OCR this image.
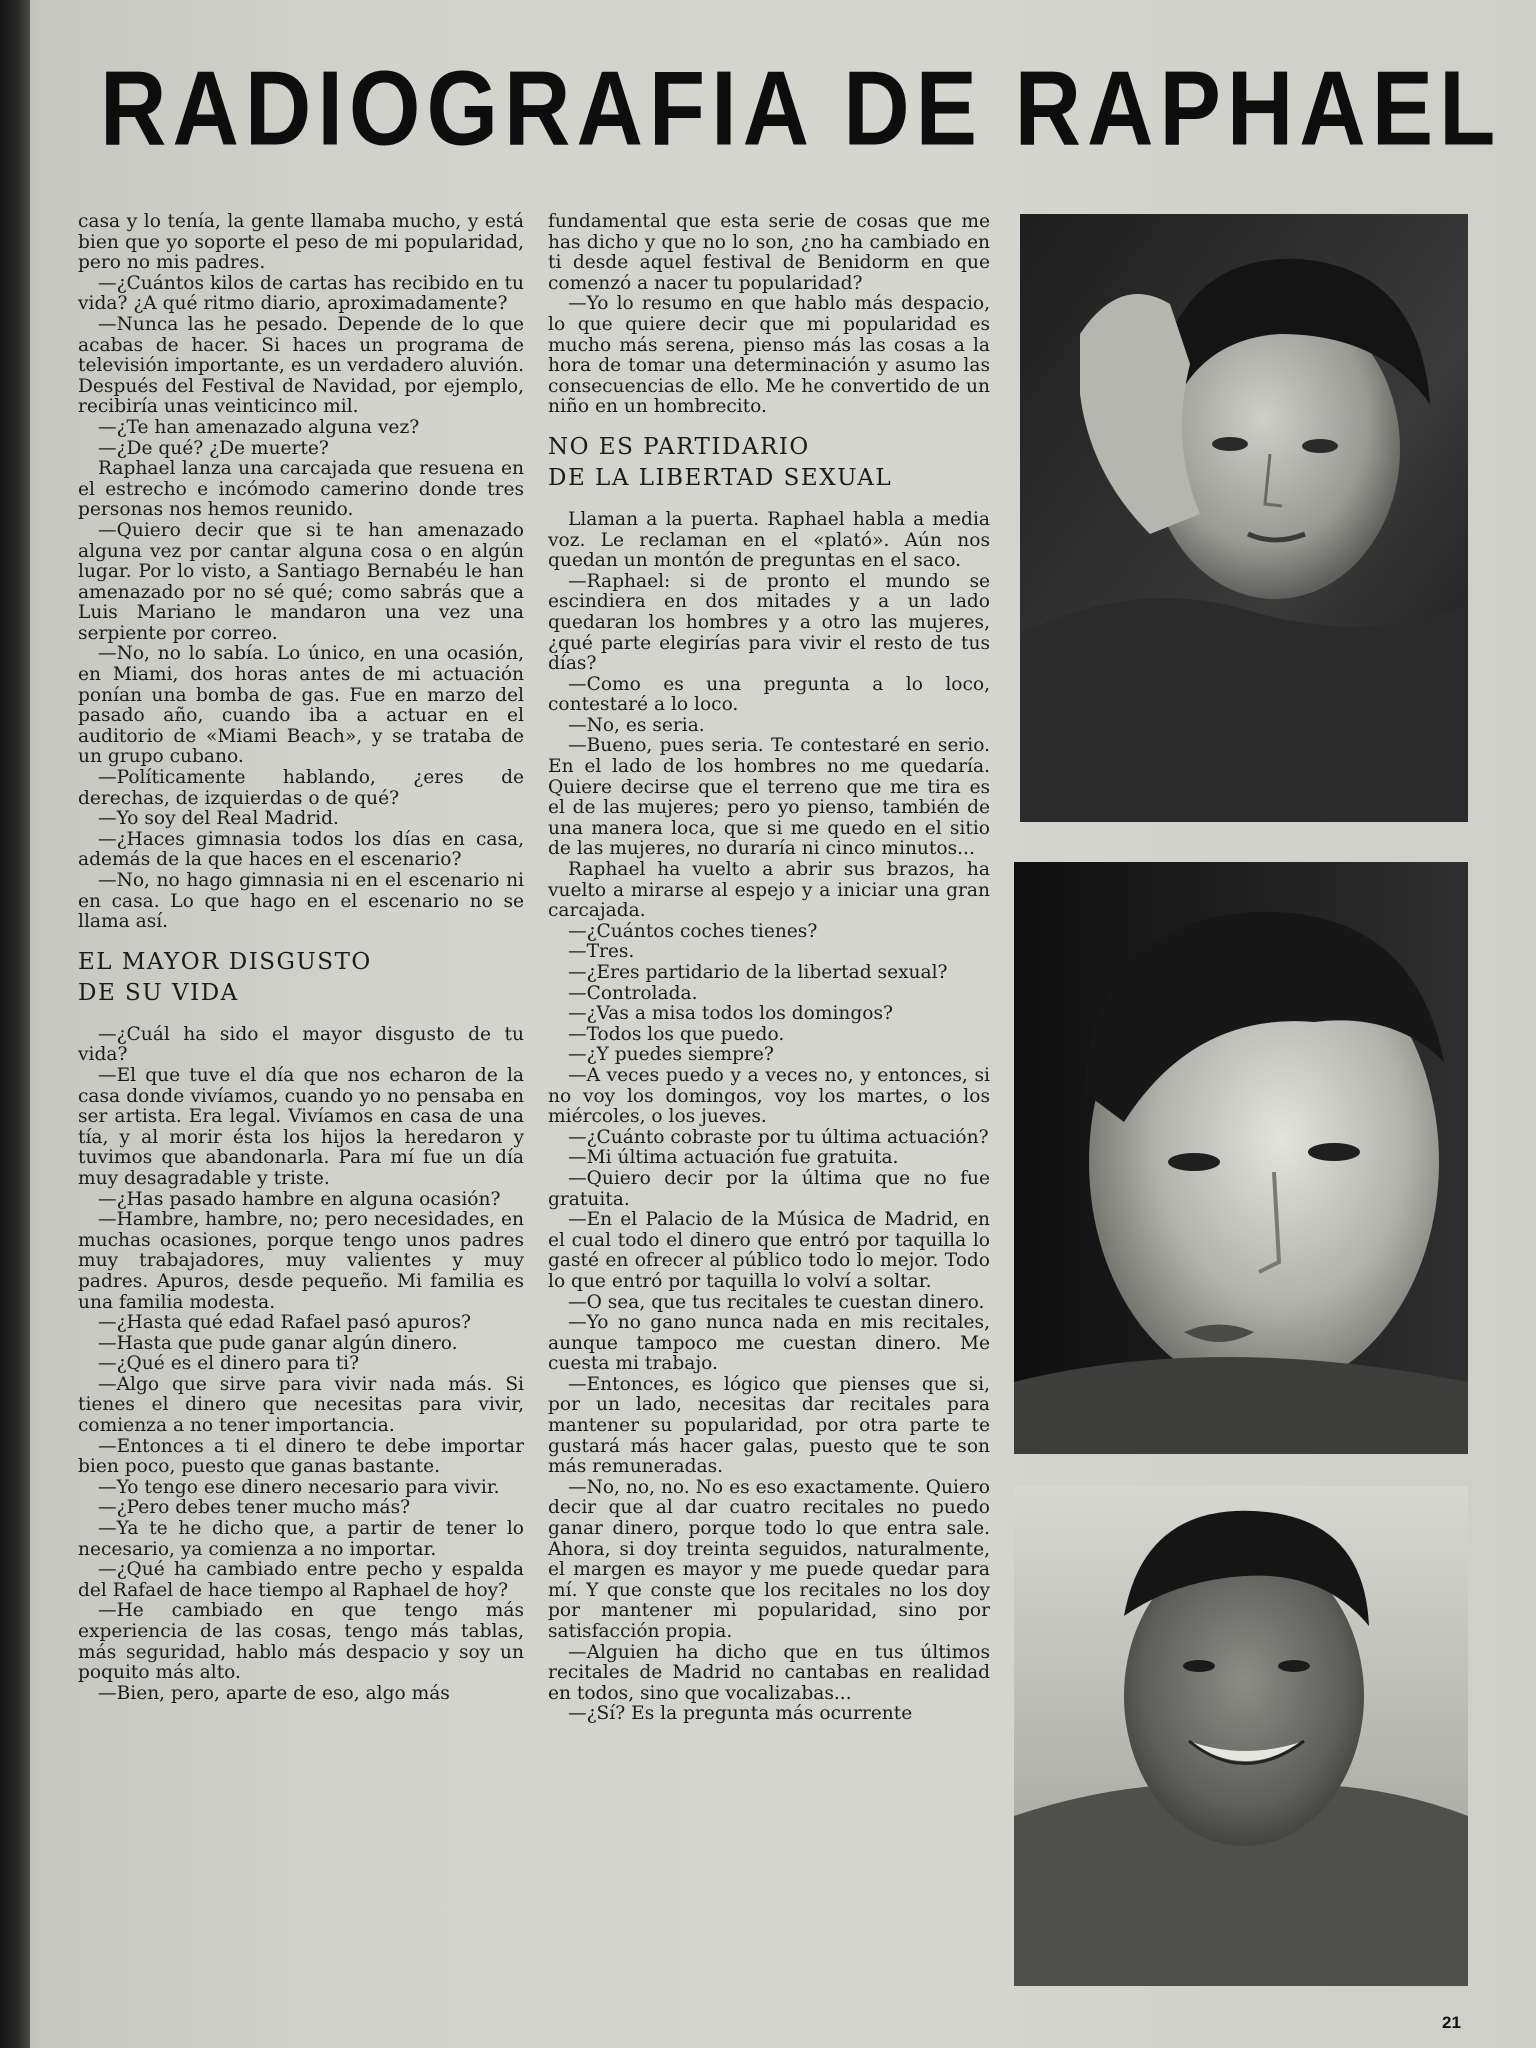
RADIOGRAFIA DE RAPHAEL

casa y lo tenía, la gente llamaba mucho, y está bien que yo soporte el peso de mi popularidad, pero no mis padres.

—¿Cuántos kilos de cartas has recibido en tu vida? ¿A qué ritmo diario, aproximadamente?

—Nunca las he pesado. Depende de lo que acabas de hacer. Si haces un programa de televisión importante, es un verdadero aluvión. Después del Festival de Navidad, por ejemplo, recibiría unas veinticinco mil.

—¿Te han amenazado alguna vez?

—¿De qué? ¿De muerte?

Raphael lanza una carcajada que resuena en el estrecho e incómodo camerino donde tres personas nos hemos reunido.

—Quiero decir que si te han amenazado alguna vez por cantar alguna cosa o en algún lugar. Por lo visto, a Santiago Bernabéu le han amenazado por no sé qué; como sabrás que a Luis Mariano le mandaron una vez una serpiente por correo.

—No, no lo sabía. Lo único, en una ocasión, en Miami, dos horas antes de mi actuación ponían una bomba de gas. Fue en marzo del pasado año, cuando iba a actuar en el auditorio de «Miami Beach», y se trataba de un grupo cubano.

—Políticamente hablando, ¿eres de derechas, de izquierdas o de qué?

—Yo soy del Real Madrid.

—¿Haces gimnasia todos los días en casa, además de la que haces en el escenario?

—No, no hago gimnasia ni en el escenario ni en casa. Lo que hago en el escenario no se llama así.

EL MAYOR DISGUSTO
DE SU VIDA

—¿Cuál ha sido el mayor disgusto de tu vida?

—El que tuve el día que nos echaron de la casa donde vivíamos, cuando yo no pensaba en ser artista. Era legal. Vivíamos en casa de una tía, y al morir ésta los hijos la heredaron y tuvimos que abandonarla. Para mí fue un día muy desagradable y triste.

—¿Has pasado hambre en alguna ocasión?

—Hambre, hambre, no; pero necesidades, en muchas ocasiones, porque tengo unos padres muy trabajadores, muy valientes y muy padres. Apuros, desde pequeño. Mi familia es una familia modesta.

—¿Hasta qué edad Rafael pasó apuros?

—Hasta que pude ganar algún dinero.

—¿Qué es el dinero para ti?

—Algo que sirve para vivir nada más. Si tienes el dinero que necesitas para vivir, comienza a no tener importancia.

—Entonces a ti el dinero te debe importar bien poco, puesto que ganas bastante.

—Yo tengo ese dinero necesario para vivir.

—¿Pero debes tener mucho más?

—Ya te he dicho que, a partir de tener lo necesario, ya comienza a no importar.

—¿Qué ha cambiado entre pecho y espalda del Rafael de hace tiempo al Raphael de hoy?

—He cambiado en que tengo más experiencia de las cosas, tengo más tablas, más seguridad, hablo más despacio y soy un poquito más alto.

—Bien, pero, aparte de eso, algo más

fundamental que esta serie de cosas que me has dicho y que no lo son, ¿no ha cambiado en ti desde aquel festival de Benidorm en que comenzó a nacer tu popularidad?

—Yo lo resumo en que hablo más despacio, lo que quiere decir que mi popularidad es mucho más serena, pienso más las cosas a la hora de tomar una determinación y asumo las consecuencias de ello. Me he convertido de un niño en un hombrecito.

NO ES PARTIDARIO
DE LA LIBERTAD SEXUAL

Llaman a la puerta. Raphael habla a media voz. Le reclaman en el «plató». Aún nos quedan un montón de preguntas en el saco.

—Raphael: si de pronto el mundo se escindiera en dos mitades y a un lado quedaran los hombres y a otro las mujeres, ¿qué parte elegirías para vivir el resto de tus días?

—Como es una pregunta a lo loco, contestaré a lo loco.

—No, es seria.

—Bueno, pues seria. Te contestaré en serio. En el lado de los hombres no me quedaría. Quiere decirse que el terreno que me tira es el de las mujeres; pero yo pienso, también de una manera loca, que si me quedo en el sitio de las mujeres, no duraría ni cinco minutos...

Raphael ha vuelto a abrir sus brazos, ha vuelto a mirarse al espejo y a iniciar una gran carcajada.

—¿Cuántos coches tienes?

—Tres.

—¿Eres partidario de la libertad sexual?

—Controlada.

—¿Vas a misa todos los domingos?

—Todos los que puedo.

—¿Y puedes siempre?

—A veces puedo y a veces no, y entonces, si no voy los domingos, voy los martes, o los miércoles, o los jueves.

—¿Cuánto cobraste por tu última actuación?

—Mi última actuación fue gratuita.

—Quiero decir por la última que no fue gratuita.

—En el Palacio de la Música de Madrid, en el cual todo el dinero que entró por taquilla lo gasté en ofrecer al público todo lo mejor. Todo lo que entró por taquilla lo volví a soltar.

—O sea, que tus recitales te cuestan dinero.

—Yo no gano nunca nada en mis recitales, aunque tampoco me cuestan dinero. Me cuesta mi trabajo.

—Entonces, es lógico que pienses que si, por un lado, necesitas dar recitales para mantener su popularidad, por otra parte te gustará más hacer galas, puesto que te son más remuneradas.

—No, no, no. No es eso exactamente. Quiero decir que al dar cuatro recitales no puedo ganar dinero, porque todo lo que entra sale. Ahora, si doy treinta seguidos, naturalmente, el margen es mayor y me puede quedar para mí. Y que conste que los recitales no los doy por mantener mi popularidad, sino por satisfacción propia.

—Alguien ha dicho que en tus últimos recitales de Madrid no cantabas en realidad en todos, sino que vocalizabas...

—¿Sí? Es la pregunta más ocurrente

21
